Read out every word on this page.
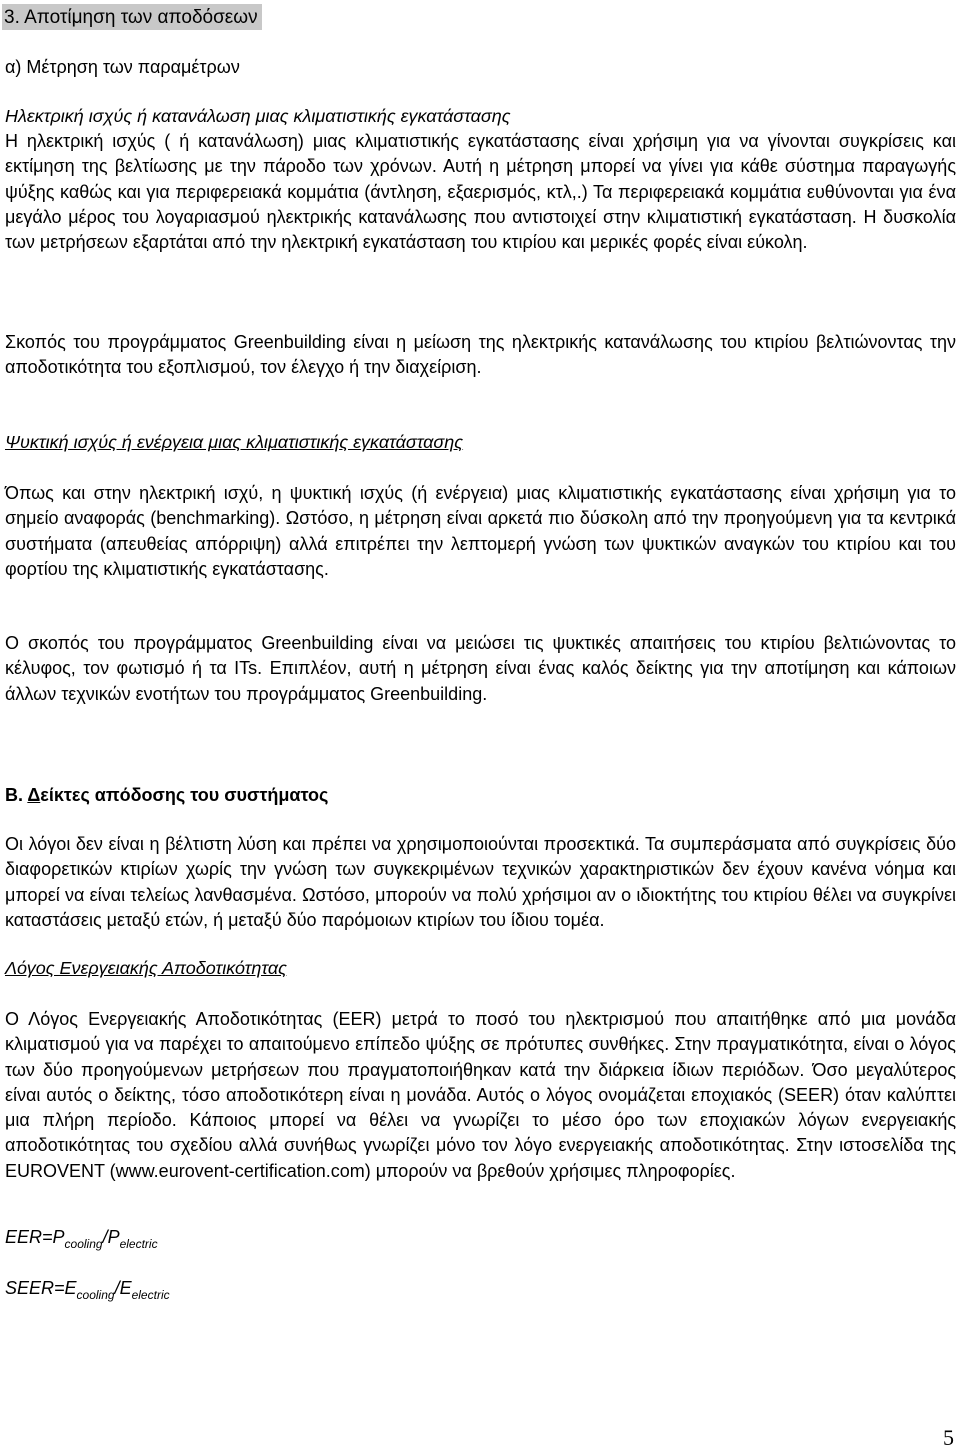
3. Αποτίμηση των αποδόσεων

α) Μέτρηση των παραμέτρων

Ηλεκτρική ισχύς ή κατανάλωση μιας κλιματιστικής εγκατάστασης

Η ηλεκτρική ισχύς ( ή κατανάλωση) μιας κλιματιστικής εγκατάστασης είναι χρήσιμη για να γίνονται συγκρίσεις και εκτίμηση της βελτίωσης με την πάροδο των χρόνων. Αυτή η μέτρηση μπορεί να γίνει για κάθε σύστημα παραγωγής ψύξης καθώς και για περιφερειακά κομμάτια (άντληση, εξαερισμός, κτλ,.) Τα περιφερειακά κομμάτια ευθύνονται για ένα μεγάλο μέρος του λογαριασμού ηλεκτρικής κατανάλωσης που αντιστοιχεί στην κλιματιστική εγκατάσταση. Η δυσκολία των μετρήσεων εξαρτάται από την ηλεκτρική εγκατάσταση του κτιρίου και μερικές φορές είναι εύκολη.

Σκοπός του προγράμματος Greenbuilding είναι η μείωση της ηλεκτρικής κατανάλωσης του κτιρίου βελτιώνοντας την αποδοτικότητα του εξοπλισμού, τον έλεγχο ή την διαχείριση.

Ψυκτική ισχύς ή ενέργεια μιας κλιματιστικής εγκατάστασης

Όπως και στην ηλεκτρική ισχύ, η ψυκτική ισχύς (ή ενέργεια) μιας κλιματιστικής εγκατάστασης είναι χρήσιμη για το σημείο αναφοράς (benchmarking). Ωστόσο, η μέτρηση είναι αρκετά πιο δύσκολη από την προηγούμενη για τα κεντρικά συστήματα (απευθείας απόρριψη) αλλά επιτρέπει την λεπτομερή γνώση των ψυκτικών αναγκών του κτιρίου και του φορτίου της κλιματιστικής εγκατάστασης.

Ο σκοπός του προγράμματος Greenbuilding είναι να μειώσει τις ψυκτικές απαιτήσεις του κτιρίου βελτιώνοντας το κέλυφος, τον φωτισμό ή τα ITs. Επιπλέον, αυτή η μέτρηση είναι ένας καλός δείκτης για την αποτίμηση και κάποιων άλλων τεχνικών ενοτήτων του προγράμματος Greenbuilding.

Β. Δείκτες απόδοσης του συστήματος

Οι λόγοι δεν είναι η βέλτιστη λύση και πρέπει να χρησιμοποιούνται προσεκτικά. Τα συμπεράσματα από συγκρίσεις δύο διαφορετικών κτιρίων χωρίς την γνώση των συγκεκριμένων τεχνικών χαρακτηριστικών δεν έχουν κανένα νόημα και μπορεί να είναι τελείως λανθασμένα. Ωστόσο, μπορούν να πολύ χρήσιμοι αν ο ιδιοκτήτης του κτιρίου θέλει να συγκρίνει καταστάσεις μεταξύ ετών, ή μεταξύ δύο παρόμοιων κτιρίων του ίδιου τομέα.

Λόγος Ενεργειακής Αποδοτικότητας

Ο Λόγος Ενεργειακής Αποδοτικότητας (EER) μετρά το ποσό του ηλεκτρισμού που απαιτήθηκε από μια μονάδα κλιματισμού για να παρέχει το απαιτούμενο επίπεδο ψύξης σε πρότυπες συνθήκες. Στην πραγματικότητα, είναι ο λόγος των δύο προηγούμενων μετρήσεων που πραγματοποιήθηκαν κατά την διάρκεια ίδιων περιόδων. Όσο μεγαλύτερος είναι αυτός ο δείκτης, τόσο αποδοτικότερη είναι η μονάδα. Αυτός ο λόγος ονομάζεται εποχιακός (SEER) όταν καλύπτει μια πλήρη περίοδο. Κάποιος μπορεί να θέλει να γνωρίζει το μέσο όρο των εποχιακών λόγων ενεργειακής αποδοτικότητας του σχεδίου αλλά συνήθως γνωρίζει μόνο τον λόγο ενεργειακής αποδοτικότητας. Στην ιστοσελίδα της EUROVENT (www.eurovent-certification.com) μπορούν να βρεθούν χρήσιμες πληροφορίες.

$EER=P_{cooling}/P_{electric}$

$SEER=E_{cooling}/E_{electric}$

5
